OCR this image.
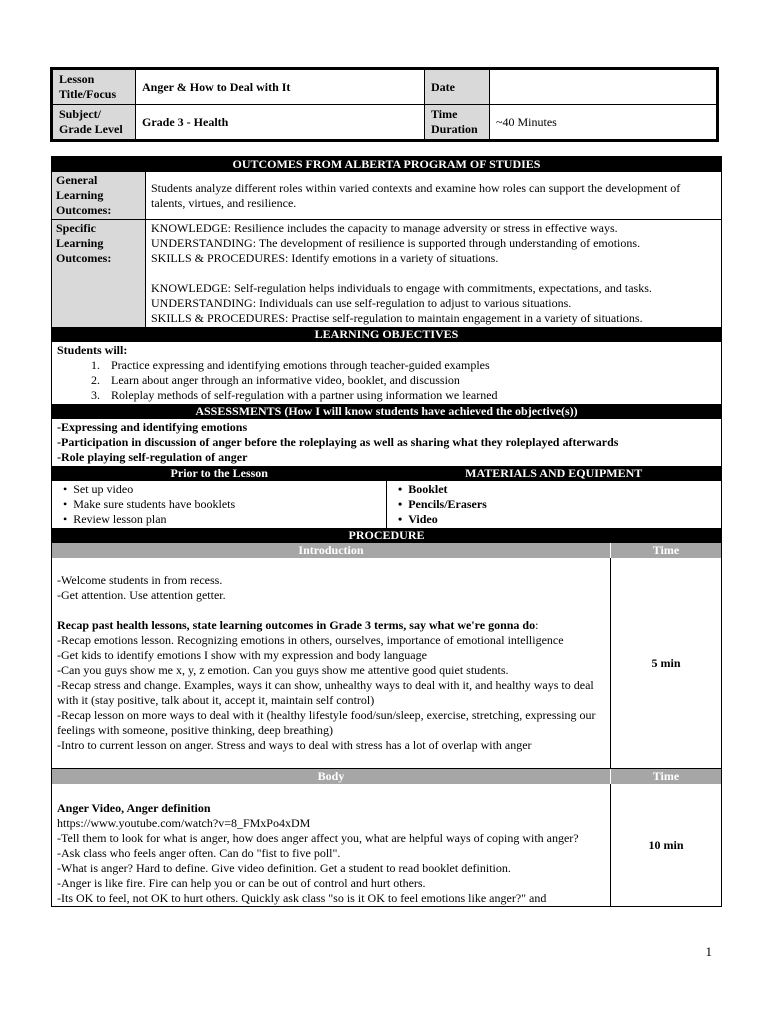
Lesson Title/Focus	Anger & How to Deal with It	Date	
Subject/ Grade Level	Grade 3 - Health	Time Duration	~40 Minutes
OUTCOMES FROM ALBERTA PROGRAM OF STUDIES
General Learning Outcomes:
Students analyze different roles within varied contexts and examine how roles can support the development of talents, virtues, and resilience.
Specific Learning Outcomes:
KNOWLEDGE: Resilience includes the capacity to manage adversity or stress in effective ways.
UNDERSTANDING: The development of resilience is supported through understanding of emotions.
SKILLS & PROCEDURES: Identify emotions in a variety of situations.
KNOWLEDGE: Self-regulation helps individuals to engage with commitments, expectations, and tasks.
UNDERSTANDING: Individuals can use self-regulation to adjust to various situations.
SKILLS & PROCEDURES: Practise self-regulation to maintain engagement in a variety of situations.
LEARNING OBJECTIVES
Students will:
1. Practice expressing and identifying emotions through teacher-guided examples
2. Learn about anger through an informative video, booklet, and discussion
3. Roleplay methods of self-regulation with a partner using information we learned
ASSESSMENTS (How I will know students have achieved the objective(s))
-Expressing and identifying emotions
-Participation in discussion of anger before the roleplaying as well as sharing what they roleplayed afterwards
-Role playing self-regulation of anger
Prior to the Lesson	MATERIALS AND EQUIPMENT
• Set up video
• Make sure students have booklets
• Review lesson plan
• Booklet
• Pencils/Erasers
• Video
PROCEDURE
Introduction	Time
-Welcome students in from recess.
-Get attention. Use attention getter.
Recap past health lessons, state learning outcomes in Grade 3 terms, say what we're gonna do:
-Recap emotions lesson. Recognizing emotions in others, ourselves, importance of emotional intelligence
-Get kids to identify emotions I show with my expression and body language
-Can you guys show me x, y, z emotion. Can you guys show me attentive good quiet students.
-Recap stress and change. Examples, ways it can show, unhealthy ways to deal with it, and healthy ways to deal with it (stay positive, talk about it, accept it, maintain self control)
-Recap lesson on more ways to deal with it (healthy lifestyle food/sun/sleep, exercise, stretching, expressing our feelings with someone, positive thinking, deep breathing)
-Intro to current lesson on anger. Stress and ways to deal with stress has a lot of overlap with anger
5 min
Body	Time
Anger Video, Anger definition
https://www.youtube.com/watch?v=8_FMxPo4xDM
-Tell them to look for what is anger, how does anger affect you, what are helpful ways of coping with anger?
-Ask class who feels anger often. Can do "fist to five poll".
-What is anger? Hard to define. Give video definition. Get a student to read booklet definition.
-Anger is like fire. Fire can help you or can be out of control and hurt others.
-Its OK to feel, not OK to hurt others. Quickly ask class "so is it OK to feel emotions like anger?" and
10 min
1
